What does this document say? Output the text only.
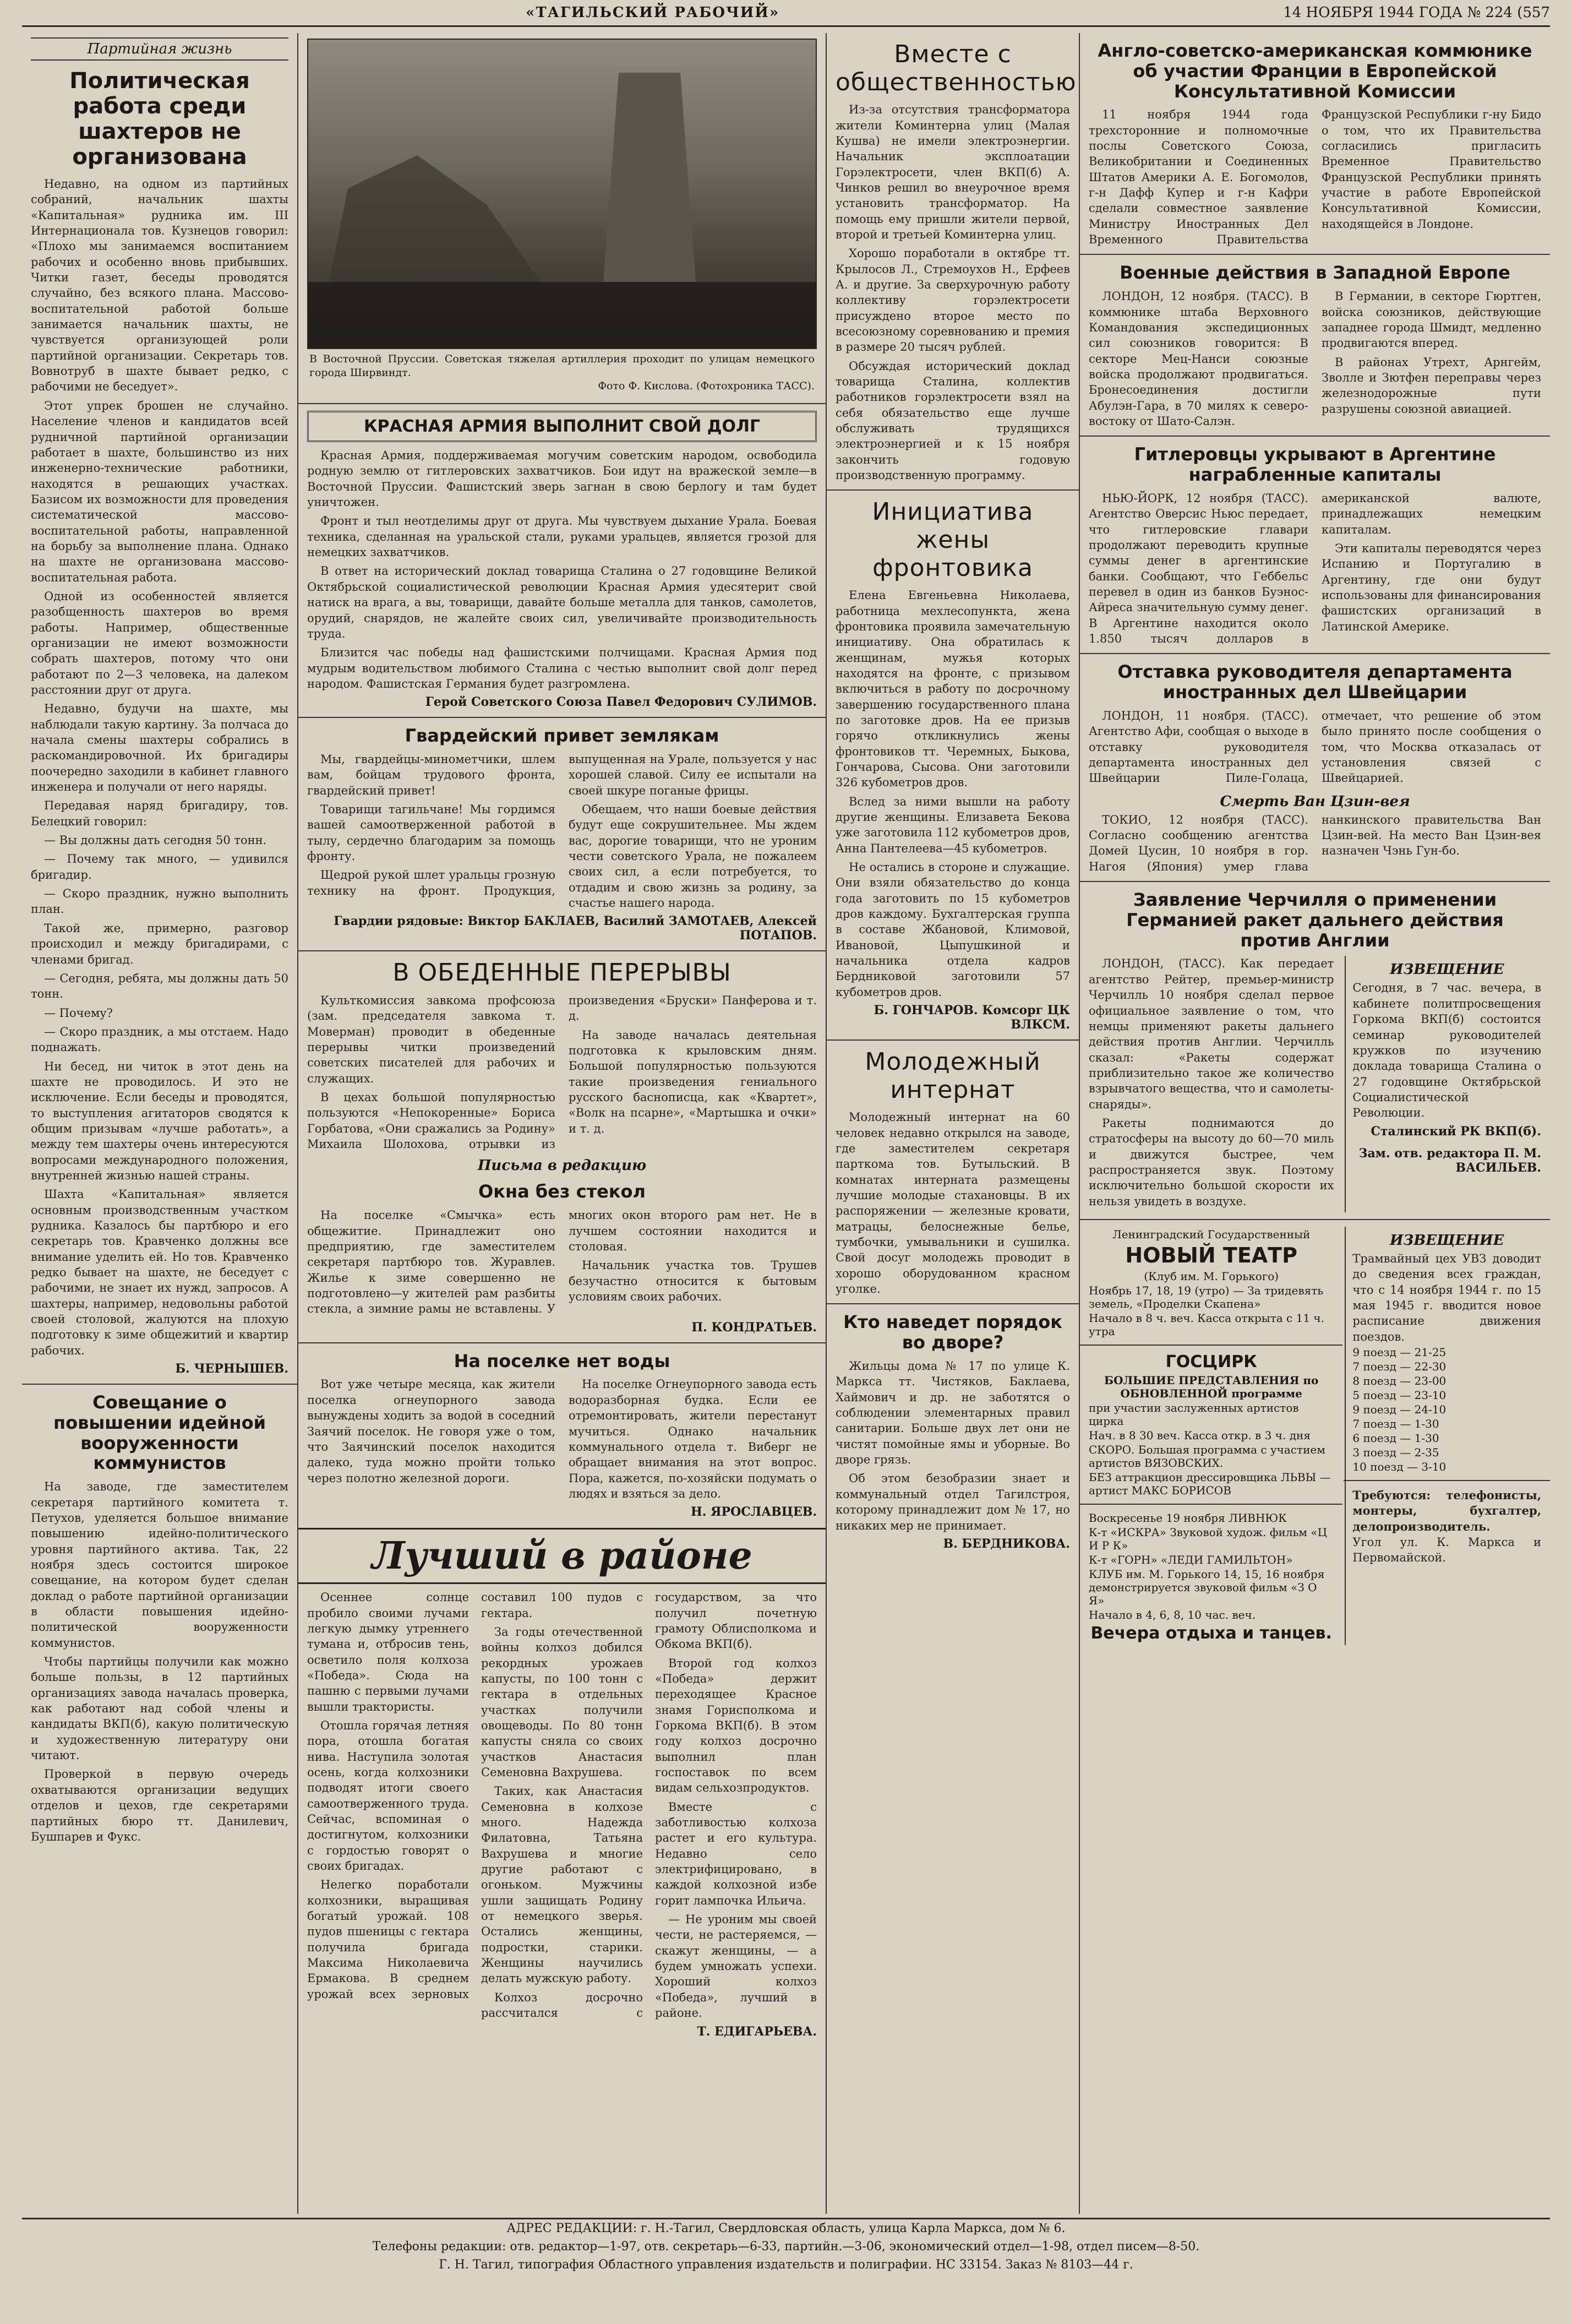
«ТАГИЛЬСКИЙ РАБОЧИЙ»	14 НОЯБРЯ 1944 ГОДА № 224 (557
Партийная жизнь
Политическая работа среди шахтеров не организована

Недавно, на одном из партийных собраний, начальник шахты «Капитальная» рудника им. III Интернационала тов. Кузнецов говорил: «Плохо мы занимаемся воспитанием рабочих и особенно вновь прибывших. Читки газет, беседы проводятся случайно, без всякого плана. Массово-воспитательной работой больше занимается начальник шахты, не чувствуется организующей роли партийной организации. Секретарь тов. Вовнотруб в шахте бывает редко, с рабочими не беседует».

Этот упрек брошен не случайно. Население членов и кандидатов всей рудничной партийной организации работает в шахте, большинство из них инженерно-технические работники, находятся в решающих участках. Базисом их возможности для проведения систематической массово-воспитательной работы, направленной на борьбу за выполнение плана. Однако на шахте не организована массово-воспитательная работа.

Одной из особенностей является разобщенность шахтеров во время работы. Например, общественные организации не имеют возможности собрать шахтеров, потому что они работают по 2—3 человека, на далеком расстоянии друг от друга.

Недавно, будучи на шахте, мы наблюдали такую картину. За полчаса до начала смены шахтеры собрались в раскомандировочной. Их бригадиры поочередно заходили в кабинет главного инженера и получали от него наряды.

Передавая наряд бригадиру, тов. Белецкий говорил:

— Вы должны дать сегодня 50 тонн.

— Почему так много, — удивился бригадир.

— Скоро праздник, нужно выполнить план.

Такой же, примерно, разговор происходил и между бригадирами, с членами бригад.

— Сегодня, ребята, мы должны дать 50 тонн.

— Почему?

— Скоро праздник, а мы отстаем. Надо поднажать.

Ни бесед, ни читок в этот день на шахте не проводилось. И это не исключение. Если беседы и проводятся, то выступления агитаторов сводятся к общим призывам «лучше работать», а между тем шахтеры очень интересуются вопросами международного положения, внутренней жизнью нашей страны.

Шахта «Капитальная» является основным производственным участком рудника. Казалось бы партбюро и его секретарь тов. Кравченко должны все внимание уделить ей. Но тов. Кравченко редко бывает на шахте, не беседует с рабочими, не знает их нужд, запросов. А шахтеры, например, недовольны работой своей столовой, жалуются на плохую подготовку к зиме общежитий и квартир рабочих.

Б. ЧЕРНЫШЕВ.
Совещание о повышении идейной вооруженности коммунистов

На заводе, где заместителем секретаря партийного комитета т. Петухов, уделяется большое внимание повышению идейно-политического уровня партийного актива. Так, 22 ноября здесь состоится широкое совещание, на котором будет сделан доклад о работе партийной организации в области повышения идейно-политической вооруженности коммунистов.

Чтобы партийцы получили как можно больше пользы, в 12 партийных организациях завода началась проверка, как работают над собой члены и кандидаты ВКП(б), какую политическую и художественную литературу они читают.

Проверкой в первую очередь охватываются организации ведущих отделов и цехов, где секретарями партийных бюро тт. Данилевич, Бушпарев и Фукс.

В Восточной Пруссии. Советская тяжелая артиллерия проходит по улицам немецкого города Ширвиндт.
Фото Ф. Кислова. (Фотохроника ТАСС).
КРАСНАЯ АРМИЯ ВЫПОЛНИТ СВОЙ ДОЛГ

Красная Армия, поддерживаемая могучим советским народом, освободила родную землю от гитлеровских захватчиков. Бои идут на вражеской земле—в Восточной Пруссии. Фашистский зверь загнан в свою берлогу и там будет уничтожен.

Фронт и тыл неотделимы друг от друга. Мы чувствуем дыхание Урала. Боевая техника, сделанная на уральской стали, руками уральцев, является грозой для немецких захватчиков.

В ответ на исторический доклад товарища Сталина о 27 годовщине Великой Октябрьской социалистической революции Красная Армия удесятерит свой натиск на врага, а вы, товарищи, давайте больше металла для танков, самолетов, орудий, снарядов, не жалейте своих сил, увеличивайте производительность труда.

Близится час победы над фашистскими полчищами. Красная Армия под мудрым водительством любимого Сталина с честью выполнит свой долг перед народом. Фашистская Германия будет разгромлена.

Герой Советского Союза Павел Федорович СУЛИМОВ.
Гвардейский привет землякам

Мы, гвардейцы-минометчики, шлем вам, бойцам трудового фронта, гвардейский привет!

Товарищи тагильчане! Мы гордимся вашей самоотверженной работой в тылу, сердечно благодарим за помощь фронту.

Щедрой рукой шлет уральцы грозную технику на фронт. Продукция, выпущенная на Урале, пользуется у нас хорошей славой. Силу ее испытали на своей шкуре поганые фрицы.

Обещаем, что наши боевые действия будут еще сокрушительнее. Мы ждем вас, дорогие товарищи, что не уроним чести советского Урала, не пожалеем своих сил, а если потребуется, то отдадим и свою жизнь за родину, за счастье нашего народа.

Гвардии рядовые: Виктор БАКЛАЕВ, Василий ЗАМОТАЕВ, Алексей ПОТАПОВ.
В ОБЕДЕННЫЕ ПЕРЕРЫВЫ

Культкомиссия завкома профсоюза (зам. председателя завкома т. Моверман) проводит в обеденные перерывы читки произведений советских писателей для рабочих и служащих.

В цехах большой популярностью пользуются «Непокоренные» Бориса Горбатова, «Они сражались за Родину» Михаила Шолохова, отрывки из произведения «Бруски» Панферова и т. д.

На заводе началась деятельная подготовка к крыловским дням. Большой популярностью пользуются такие произведения гениального русского баснописца, как «Квартет», «Волк на псарне», «Мартышка и очки» и т. д.

Письма в редакцию
Окна без стекол

На поселке «Смычка» есть общежитие. Принадлежит оно предприятию, где заместителем секретаря партбюро тов. Журавлев. Жилье к зиме совершенно не подготовлено—у жителей рам разбиты стекла, а зимние рамы не вставлены. У многих окон второго рам нет. Не в лучшем состоянии находится и столовая.

Начальник участка тов. Трушев безучастно относится к бытовым условиям своих рабочих.

П. КОНДРАТЬЕВ.
На поселке нет воды

Вот уже четыре месяца, как жители поселка огнеупорного завода вынуждены ходить за водой в соседний Заячий поселок. Не говоря уже о том, что Заячинский поселок находится далеко, туда можно пройти только через полотно железной дороги.

На поселке Огнеупорного завода есть водоразборная будка. Если ее отремонтировать, жители перестанут мучиться. Однако начальник коммунального отдела т. Виберг не обращает внимания на этот вопрос. Пора, кажется, по-хозяйски подумать о людях и взяться за дело.

Н. ЯРОСЛАВЦЕВ.
Лучший в районе

Осеннее солнце пробило своими лучами легкую дымку утреннего тумана и, отбросив тень, осветило поля колхоза «Победа». Сюда на пашню с первыми лучами вышли трактористы.

Отошла горячая летняя пора, отошла богатая нива. Наступила золотая осень, когда колхозники подводят итоги своего самоотверженного труда. Сейчас, вспоминая о достигнутом, колхозники с гордостью говорят о своих бригадах.

Нелегко поработали колхозники, выращивая богатый урожай. 108 пудов пшеницы с гектара получила бригада Максима Николаевича Ермакова. В среднем урожай всех зерновых составил 100 пудов с гектара.

За годы отечественной войны колхоз добился рекордных урожаев капусты, по 100 тонн с гектара в отдельных участках получили овощеводы. По 80 тонн капусты сняла со своих участков Анастасия Семеновна Вахрушева.

Таких, как Анастасия Семеновна в колхозе много. Надежда Филатовна, Татьяна Вахрушева и многие другие работают с огоньком. Мужчины ушли защищать Родину от немецкого зверья. Остались женщины, подростки, старики. Женщины научились делать мужскую работу.

Колхоз досрочно рассчитался с государством, за что получил почетную грамоту Облисполкома и Обкома ВКП(б).

Второй год колхоз «Победа» держит переходящее Красное знамя Горисполкома и Горкома ВКП(б). В этом году колхоз досрочно выполнил план госпоставок по всем видам сельхозпродуктов.

Вместе с заботливостью колхоза растет и его культура. Недавно село электрифицировано, в каждой колхозной избе горит лампочка Ильича.

— Не уроним мы своей чести, не растеряемся, — скажут женщины, — а будем умножать успехи. Хороший колхоз «Победа», лучший в районе.

Т. ЕДИГАРЬЕВА.
Вместе с общественностью

Из-за отсутствия трансформатора жители Коминтерна улиц (Малая Кушва) не имели электроэнергии. Начальник эксплоатации Горэлектросети, член ВКП(б) А. Чинков решил во внеурочное время установить трансформатор. На помощь ему пришли жители первой, второй и третьей Коминтерна улиц.

Хорошо поработали в октябре тт. Крылосов Л., Стремоухов Н., Ерфеев А. и другие. За сверхурочную работу коллективу горэлектросети присуждено второе место по всесоюзному соревнованию и премия в размере 20 тысяч рублей.

Обсуждая исторический доклад товарища Сталина, коллектив работников горэлектросети взял на себя обязательство еще лучше обслуживать трудящихся электроэнергией и к 15 ноября закончить годовую производственную программу.

Инициатива жены фронтовика

Елена Евгеньевна Николаева, работница мехлесопункта, жена фронтовика проявила замечательную инициативу. Она обратилась к женщинам, мужья которых находятся на фронте, с призывом включиться в работу по досрочному завершению государственного плана по заготовке дров. На ее призыв горячо откликнулись жены фронтовиков тт. Черемных, Быкова, Гончарова, Сысова. Они заготовили 326 кубометров дров.

Вслед за ними вышли на работу другие женщины. Елизавета Бекова уже заготовила 112 кубометров дров, Анна Пантелеева—45 кубометров.

Не остались в стороне и служащие. Они взяли обязательство до конца года заготовить по 15 кубометров дров каждому. Бухгалтерская группа в составе Жбановой, Климовой, Ивановой, Цыпушкиной и начальника отдела кадров Бердниковой заготовили 57 кубометров дров.

Б. ГОНЧАРОВ. Комсорг ЦК ВЛКСМ.
Молодежный интернат

Молодежный интернат на 60 человек недавно открылся на заводе, где заместителем секретаря парткома тов. Бутыльский. В комнатах интерната размещены лучшие молодые стахановцы. В их распоряжении — железные кровати, матрацы, белоснежные белье, тумбочки, умывальники и сушилка. Свой досуг молодежь проводит в хорошо оборудованном красном уголке.

Кто наведет порядок во дворе?

Жильцы дома № 17 по улице К. Маркса тт. Чистяков, Баклаева, Хаймович и др. не заботятся о соблюдении элементарных правил санитарии. Больше двух лет они не чистят помойные ямы и уборные. Во дворе грязь.

Об этом безобразии знает и коммунальный отдел Тагилстроя, которому принадлежит дом № 17, но никаких мер не принимает.

В. БЕРДНИКОВА.
Англо-советско-американская коммюнике об участии Франции в Европейской Консультативной Комиссии

11 ноября 1944 года трехсторонние и полномочные послы Советского Союза, Великобритании и Соединенных Штатов Америки А. Е. Богомолов, г-н Дафф Купер и г-н Кафри сделали совместное заявление Министру Иностранных Дел Временного Правительства Французской Республики г-ну Бидо о том, что их Правительства согласились пригласить Временное Правительство Французской Республики принять участие в работе Европейской Консультативной Комиссии, находящейся в Лондоне.

Военные действия в Западной Европе

ЛОНДОН, 12 ноября. (ТАСС). В коммюнике штаба Верховного Командования экспедиционных сил союзников говорится: В секторе Мец-Нанси союзные войска продолжают продвигаться. Бронесоединения достигли Абулэн-Гара, в 70 милях к северо-востоку от Шато-Салэн.

В Германии, в секторе Гюртген, войска союзников, действующие западнее города Шмидт, медленно продвигаются вперед.

В районах Утрехт, Арнгейм, Зволле и Зютфен переправы через железнодорожные пути разрушены союзной авиацией.

Гитлеровцы укрывают в Аргентине награбленные капиталы

НЬЮ-ЙОРК, 12 ноября (ТАСС). Агентство Оверсис Ньюс передает, что гитлеровские главари продолжают переводить крупные суммы денег в аргентинские банки. Сообщают, что Геббельс перевел в один из банков Буэнос-Айреса значительную сумму денег. В Аргентине находится около 1.850 тысяч долларов в американской валюте, принадлежащих немецким капиталам.

Эти капиталы переводятся через Испанию и Португалию в Аргентину, где они будут использованы для финансирования фашистских организаций в Латинской Америке.

Отставка руководителя департамента иностранных дел Швейцарии

ЛОНДОН, 11 ноября. (ТАСС). Агентство Афи, сообщая о выходе в отставку руководителя департамента иностранных дел Швейцарии Пиле-Голаца, отмечает, что решение об этом было принято после сообщения о том, что Москва отказалась от установления связей с Швейцарией.

Смерть Ван Цзин-вея

ТОКИО, 12 ноября (ТАСС). Согласно сообщению агентства Домей Цусин, 10 ноября в гор. Нагоя (Япония) умер глава нанкинского правительства Ван Цзин-вей. На место Ван Цзин-вея назначен Чэнь Гун-бо.

Заявление Черчилля о применении Германией ракет дальнего действия против Англии

ЛОНДОН, (ТАСС). Как передает агентство Рейтер, премьер-министр Черчилль 10 ноября сделал первое официальное заявление о том, что немцы применяют ракеты дальнего действия против Англии. Черчилль сказал: «Ракеты содержат приблизительно такое же количество взрывчатого вещества, что и самолеты-снаряды».

Ракеты поднимаются до стратосферы на высоту до 60—70 миль и движутся быстрее, чем распространяется звук. Поэтому исключительно большой скорости их нельзя увидеть в воздухе.

ИЗВЕЩЕНИЕ
Сегодня, в 7 час. вечера, в кабинете политпросвещения Горкома ВКП(б) состоится семинар руководителей кружков по изучению доклада товарища Сталина о 27 годовщине Октябрьской Социалистической Революции.
Сталинский РК ВКП(б).
Зам. отв. редактора П. М. ВАСИЛЬЕВ.
Ленинградский Государственный
НОВЫЙ ТЕАТР
(Клуб им. М. Горького)
Ноябрь 17, 18, 19 (утро) — За тридевять земель, «Проделки Скапена»
Начало в 8 ч. веч. Касса открыта с 11 ч. утра
ГОСЦИРК
БОЛЬШИЕ ПРЕДСТАВЛЕНИЯ по ОБНОВЛЕННОЙ программе
при участии заслуженных артистов цирка
Нач. в 8 30 веч. Касса откр. в 3 ч. дня
СКОРО. Большая программа с участием артистов ВЯЗОВСКИХ.
БЕЗ аттракцион дрессировщика ЛЬВЫ — артист МАКС БОРИСОВ
Воскресенье 19 ноября ЛИВНЮК
К-т «ИСКРА» Звуковой худож. фильм «Ц И Р К»
К-т «ГОРН» «ЛЕДИ ГАМИЛЬТОН»
КЛУБ им. М. Горького 14, 15, 16 ноября демонстрируется звуковой фильм «З О Я»
Начало в 4, 6, 8, 10 час. веч.
Вечера отдыха и танцев.
ИЗВЕЩЕНИЕ
Трамвайный цех УВЗ доводит до сведения всех граждан, что с 14 ноября 1944 г. по 15 мая 1945 г. вводится новое расписание движения поездов.
9 поезд — 21-25
7 поезд — 22-30
8 поезд — 23-00
5 поезд — 23-10
9 поезд — 24-10
7 поезд — 1-30
6 поезд — 1-30
3 поезд — 2-35
10 поезд — 3-10
Требуются: телефонисты, монтеры, бухгалтер, делопроизводитель.
Угол ул. К. Маркса и Первомайской.
АДРЕС РЕДАКЦИИ: г. Н.-Тагил, Свердловская область, улица Карла Маркса, дом № 6.
Телефоны редакции: отв. редактор—1-97, отв. секретарь—6-33, партийн.—3-06, экономический отдел—1-98, отдел писем—8-50.
Г. Н. Тагил, типография Областного управления издательств и полиграфии. НС 33154. Заказ № 8103—44 г.
